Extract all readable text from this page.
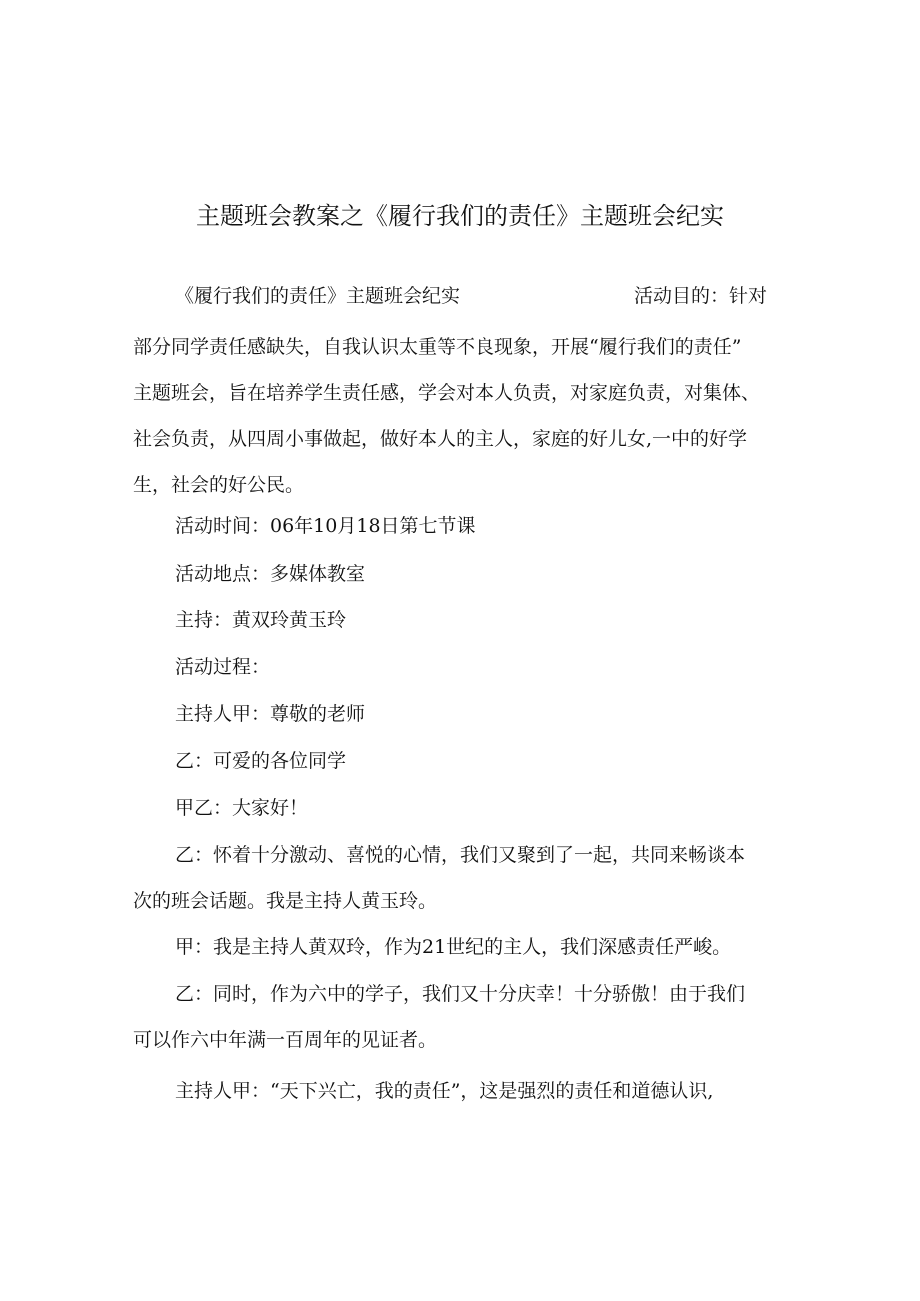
主题班会教案之《履行我们的责任》主题班会纪实
《履行我们的责任》主题班会纪实	活动目的：针对
部分同学责任感缺失，自我认识太重等不良现象，开展“履行我们的责任”
主题班会，旨在培养学生责任感，学会对本人负责，对家庭负责，对集体、
社会负责，从四周小事做起，做好本人的主人，家庭的好儿女,一中的好学
生，社会的好公民。
活动时间：06年10月18日第七节课
活动地点：多媒体教室
主持：黄双玲黄玉玲
活动过程：
主持人甲：尊敬的老师
乙：可爱的各位同学
甲乙：大家好！
乙：怀着十分激动、喜悦的心情，我们又聚到了一起，共同来畅谈本
次的班会话题。我是主持人黄玉玲。
甲：我是主持人黄双玲，作为21世纪的主人，我们深感责任严峻。
乙：同时，作为六中的学子，我们又十分庆幸！十分骄傲！由于我们
可以作六中年满一百周年的见证者。
主持人甲：“天下兴亡，我的责任”，这是强烈的责任和道德认识,
